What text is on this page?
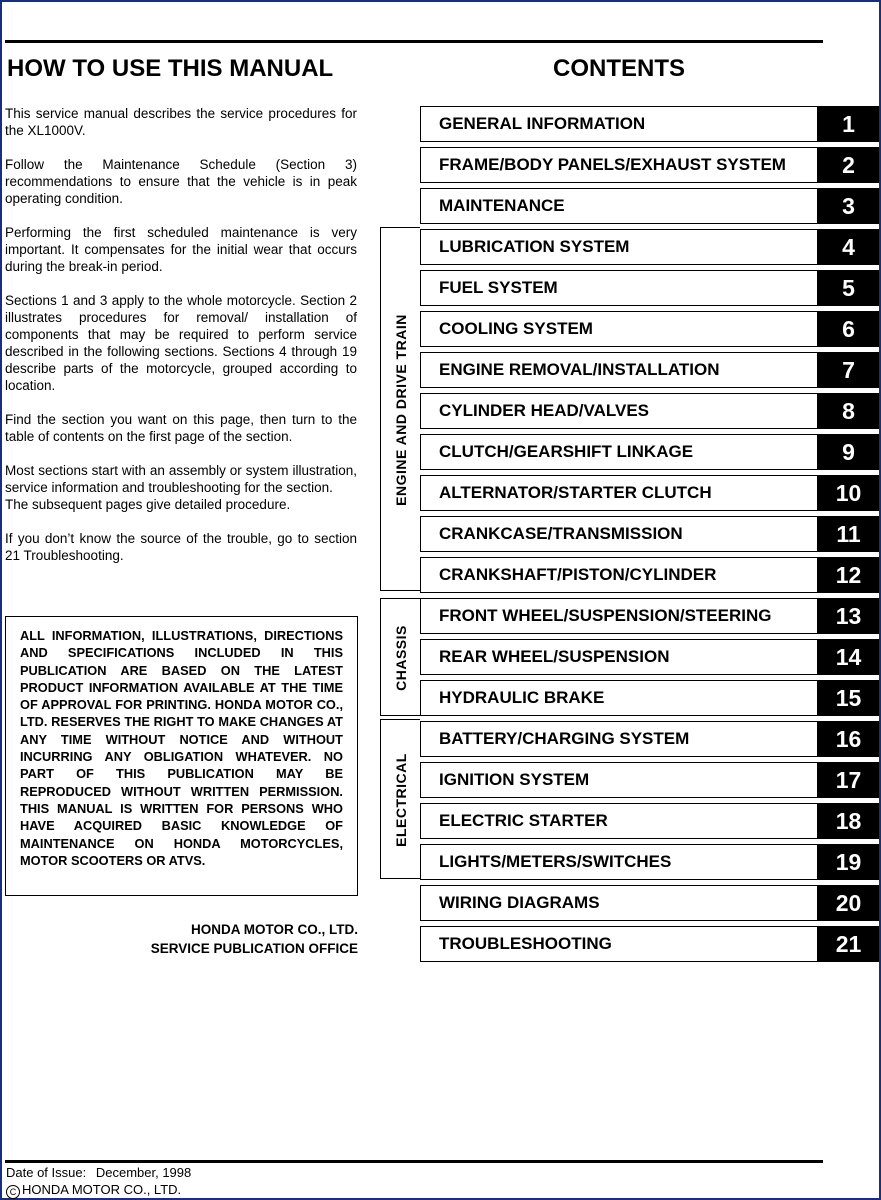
HOW TO USE THIS MANUAL	CONTENTS

This service manual describes the service procedures for the XL1000V.

Follow the Maintenance Schedule (Section 3) recommendations to ensure that the vehicle is in peak operating condition.

Performing the first scheduled maintenance is very important. It compensates for the initial wear that occurs during the break-in period.

Sections 1 and 3 apply to the whole motorcycle. Section 2 illustrates procedures for removal/ installation of components that may be required to perform service described in the following sections. Sections 4 through 19 describe parts of the motorcycle, grouped according to location.

Find the section you want on this page, then turn to the table of contents on the first page of the section.

Most sections start with an assembly or system illustration, service information and troubleshooting for the section.

The subsequent pages give detailed procedure.

If you don’t know the source of the trouble, go to section 21 Troubleshooting.

ALL INFORMATION, ILLUSTRATIONS, DIRECTIONS AND SPECIFICATIONS INCLUDED IN THIS PUBLICATION ARE BASED ON THE LATEST PRODUCT INFORMATION AVAILABLE AT THE TIME OF APPROVAL FOR PRINTING. HONDA MOTOR CO., LTD. RESERVES THE RIGHT TO MAKE CHANGES AT ANY TIME WITHOUT NOTICE AND WITHOUT INCURRING ANY OBLIGATION WHATEVER. NO PART OF THIS PUBLICATION MAY BE REPRODUCED WITHOUT WRITTEN PERMISSION. THIS MANUAL IS WRITTEN FOR PERSONS WHO HAVE ACQUIRED BASIC KNOWLEDGE OF MAINTENANCE ON HONDA MOTORCYCLES, MOTOR SCOOTERS OR ATVS.
HONDA MOTOR CO., LTD.
SERVICE PUBLICATION OFFICE
ENGINE AND DRIVE TRAIN
CHASSIS
ELECTRICAL
GENERAL INFORMATION	1
FRAME/BODY PANELS/EXHAUST SYSTEM	2
MAINTENANCE	3
LUBRICATION SYSTEM	4
FUEL SYSTEM	5
COOLING SYSTEM	6
ENGINE REMOVAL/INSTALLATION	7
CYLINDER HEAD/VALVES	8
CLUTCH/GEARSHIFT LINKAGE	9
ALTERNATOR/STARTER CLUTCH	10
CRANKCASE/TRANSMISSION	11
CRANKSHAFT/PISTON/CYLINDER	12
FRONT WHEEL/SUSPENSION/STEERING	13
REAR WHEEL/SUSPENSION	14
HYDRAULIC BRAKE	15
BATTERY/CHARGING SYSTEM	16
IGNITION SYSTEM	17
ELECTRIC STARTER	18
LIGHTS/METERS/SWITCHES	19
WIRING DIAGRAMS	20
TROUBLESHOOTING	21
Date of Issue: December, 1998
C HONDA MOTOR CO., LTD.
